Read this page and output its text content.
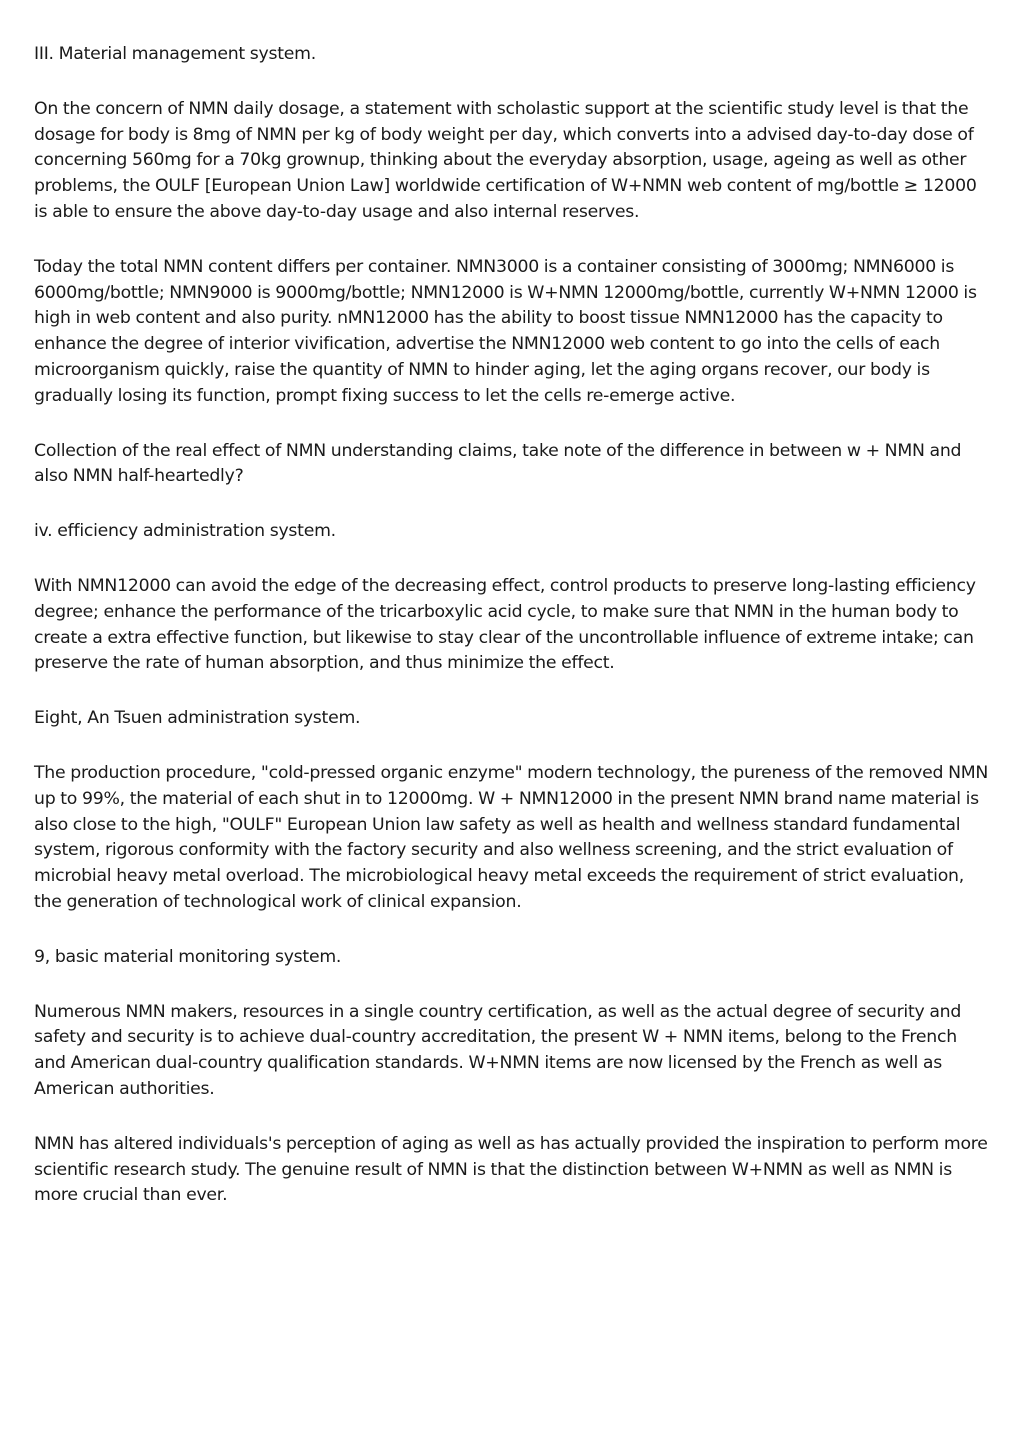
III. Material management system.

On the concern of NMN daily dosage, a statement with scholastic support at the scientific study level is that the dosage for body is 8mg of NMN per kg of body weight per day, which converts into a advised day-to-day dose of concerning 560mg for a 70kg grownup, thinking about the everyday absorption, usage, ageing as well as other problems, the OULF [European Union Law] worldwide certification of W+NMN web content of mg/bottle ≥ 12000 is able to ensure the above day-to-day usage and also internal reserves.

Today the total NMN content differs per container. NMN3000 is a container consisting of 3000mg; NMN6000 is 6000mg/bottle; NMN9000 is 9000mg/bottle; NMN12000 is W+NMN 12000mg/bottle, currently W+NMN 12000 is high in web content and also purity. nMN12000 has the ability to boost tissue NMN12000 has the capacity to enhance the degree of interior vivification, advertise the NMN12000 web content to go into the cells of each microorganism quickly, raise the quantity of NMN to hinder aging, let the aging organs recover, our body is gradually losing its function, prompt fixing success to let the cells re-emerge active.

Collection of the real effect of NMN understanding claims, take note of the difference in between w + NMN and also NMN half-heartedly?

iv. efficiency administration system.

With NMN12000 can avoid the edge of the decreasing effect, control products to preserve long-lasting efficiency degree; enhance the performance of the tricarboxylic acid cycle, to make sure that NMN in the human body to create a extra effective function, but likewise to stay clear of the uncontrollable influence of extreme intake; can preserve the rate of human absorption, and thus minimize the effect.

Eight, An Tsuen administration system.

The production procedure, "cold-pressed organic enzyme" modern technology, the pureness of the removed NMN up to 99%, the material of each shut in to 12000mg. W + NMN12000 in the present NMN brand name material is also close to the high, "OULF" European Union law safety as well as health and wellness standard fundamental system, rigorous conformity with the factory security and also wellness screening, and the strict evaluation of microbial heavy metal overload. The microbiological heavy metal exceeds the requirement of strict evaluation, the generation of technological work of clinical expansion.

9, basic material monitoring system.

Numerous NMN makers, resources in a single country certification, as well as the actual degree of security and safety and security is to achieve dual-country accreditation, the present W + NMN items, belong to the French and American dual-country qualification standards. W+NMN items are now licensed by the French as well as American authorities.

NMN has altered individuals's perception of aging as well as has actually provided the inspiration to perform more scientific research study. The genuine result of NMN is that the distinction between W+NMN as well as NMN is more crucial than ever.
